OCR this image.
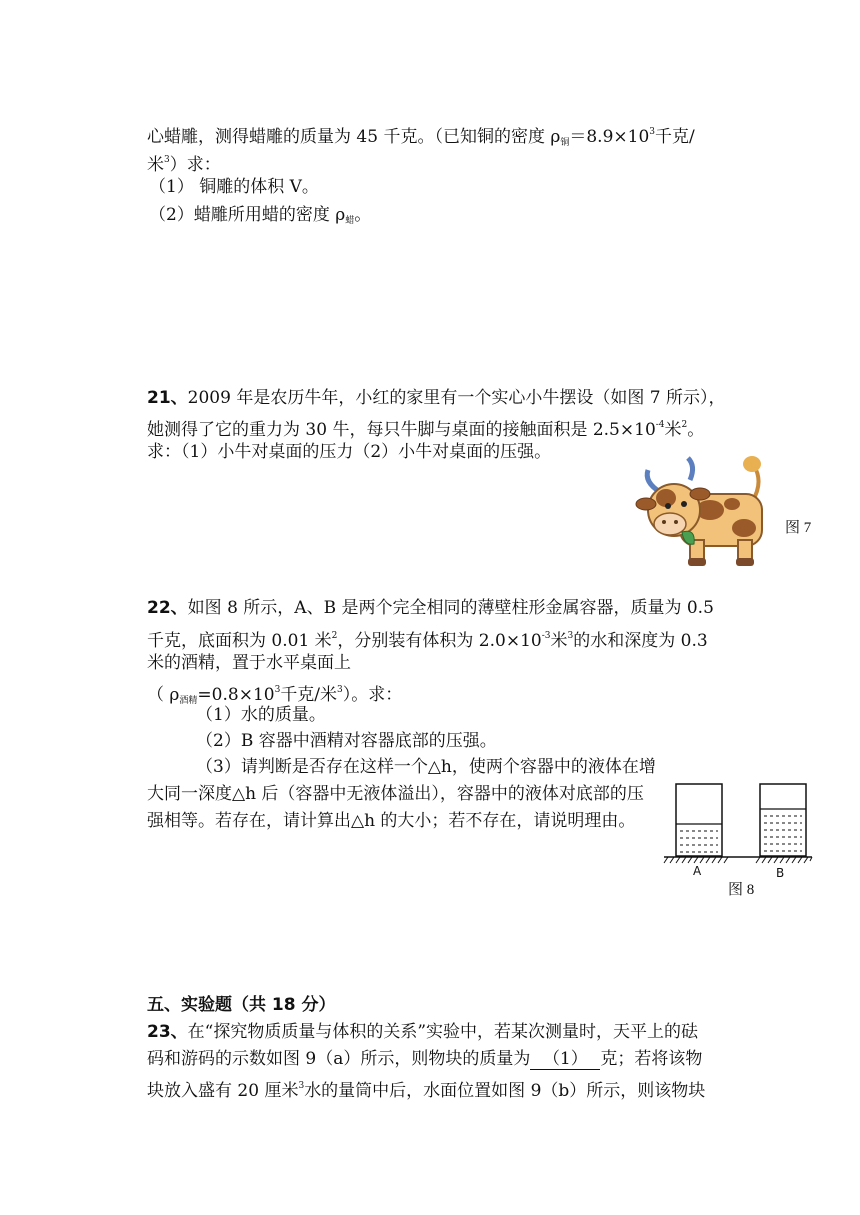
心蜡雕，测得蜡雕的质量为 45 千克。（已知铜的密度 $\rho_铜=8.9\times 10^3$千克/
米$^3$）求：
（1） 铜雕的体积 V。
（2）蜡雕所用蜡的密度 $\rho_蜡$。
21、2009 年是农历牛年，小红的家里有一个实心小牛摆设（如图 7 所示），
她测得了它的重力为 30 牛，每只牛脚与桌面的接触面积是 $2.5\times 10^{-4}$米$^2$。
求：（1）小牛对桌面的压力（2）小牛对桌面的压强。
图 7
22、如图 8 所示，A、B 是两个完全相同的薄壁柱形金属容器，质量为 0.5
千克，底面积为 0.01 米$^2$，分别装有体积为 $2.0\times 10^{-3}$米$^3$的水和深度为 0.3
米的酒精，置于水平桌面上
（ $\rho_{酒精}=0.8\times 10^3$千克/米$^3$）。求：
（1）水的质量。
（2）B 容器中酒精对容器底部的压强。
（3）请判断是否存在这样一个△h，使两个容器中的液体在增
大同一深度△h 后（容器中无液体溢出），容器中的液体对底部的压
强相等。若存在，请计算出△h 的大小；若不存在，请说明理由。
A	B
图 8
五、实验题（共 18 分）
23、在“探究物质质量与体积的关系”实验中，若某次测量时，天平上的砝
码和游码的示数如图 9（a）所示，则物块的质量为 （1） 克；若将该物
块放入盛有 20 厘米$^3$水的量筒中后，水面位置如图 9（b）所示，则该物块
